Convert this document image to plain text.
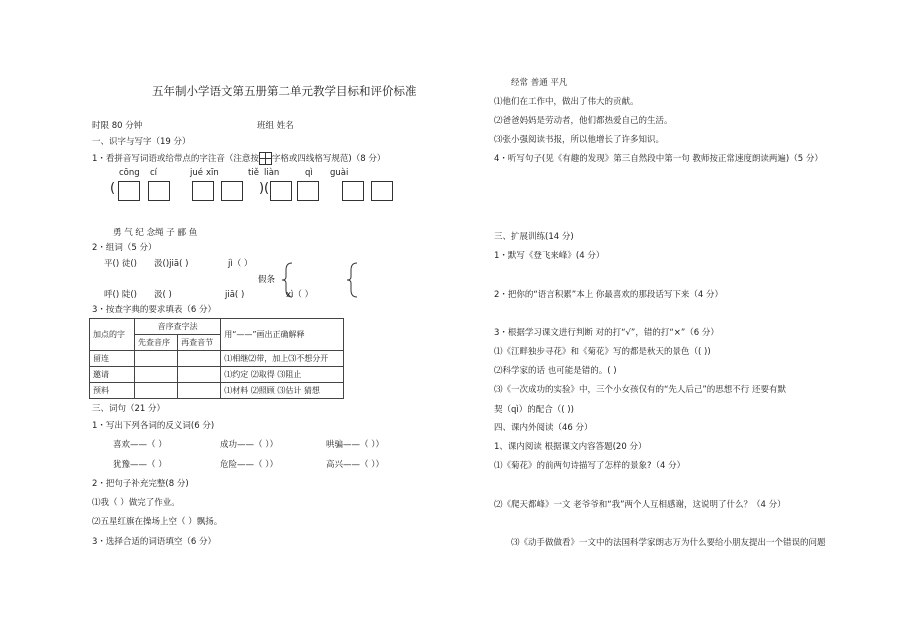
五年制小学语文第五册第二单元教学目标和评价标准
时限 80 分钟	班组 姓名
一、识字与写字（19 分）
1・看拼音写词语或给带点的字注音（注意按 字格或四线格写规范)（8 分）
cōng cí	jué xīn	tiě liàn	qì guài
(	) (
勇 气 纪 念绳 子 郦 鱼
2・组词（5 分）
平() 徒() 汲()jiā( )	jì（ ）
假条
呼() 陡() 汲( )	jiā( )	xì（ ）
3・按查字典的要求填表（6 分）
加点的字	音序查字法		用“——”画出正确解释
	先查音序	再查音节	
留连			⑴相继⑵带，加上⑶不想分开
邀请			⑴约定 ⑵取得 ⑶阻止
预料			⑴材料 ⑵照顾 ⑶估计 猜想
三、词句（21 分）
1・写出下列各词的反义词(6 分)
喜欢——（ ）	成功——（ ））	哄骗——（ ））
犹豫——（ ）	危险——（ ））	高兴——（ ））
2・把句子补充完整(8 分)
⑴我（ ）做完了作业。
⑵五星红旗在操场上空（ ）飘扬。
3・选择合适的词语填空（6 分）
经常 普通 平凡
⑴他们在工作中，做出了伟大的贡献。
⑵爸爸妈妈是劳动者，他们都热爱自己的生活。
⑶张小强阅读书报，所以他增长了许多知识。
4・听写句子(见《有趣的发现》第三自然段中第一句 教师按正常速度朗读两遍)（5 分）
三、扩展训练(14 分)
1・默写《登飞来峰》(4 分）
2・把你的“语言积累”本上 你最喜欢的那段话写下来（4 分）
3・根据学习课文进行判断 对的打“√”，错的打“×”（6 分）
⑴《江畔独步寻花》和《菊花》写的都是秋天的景色（( ))
⑵科学家的话 也可能是错的。( )
⑶《一次成功的实验》中，三个小女孩仅有的“先人后己”的思想不行 还要有默
契（qì）的配合（( ))
四、课内外阅读（46 分）
1、课内阅读 根据课文内容答题(20 分）
⑴《菊花》的前两句诗描写了怎样的景象?（4 分）
⑵《爬天都峰》一文 老爷爷和“我”两个人互相感谢，这说明了什么？（4 分）
⑶《动手做做看》一文中的法国科学家朗志万为什么要给小朋友提出一个错误的问题
